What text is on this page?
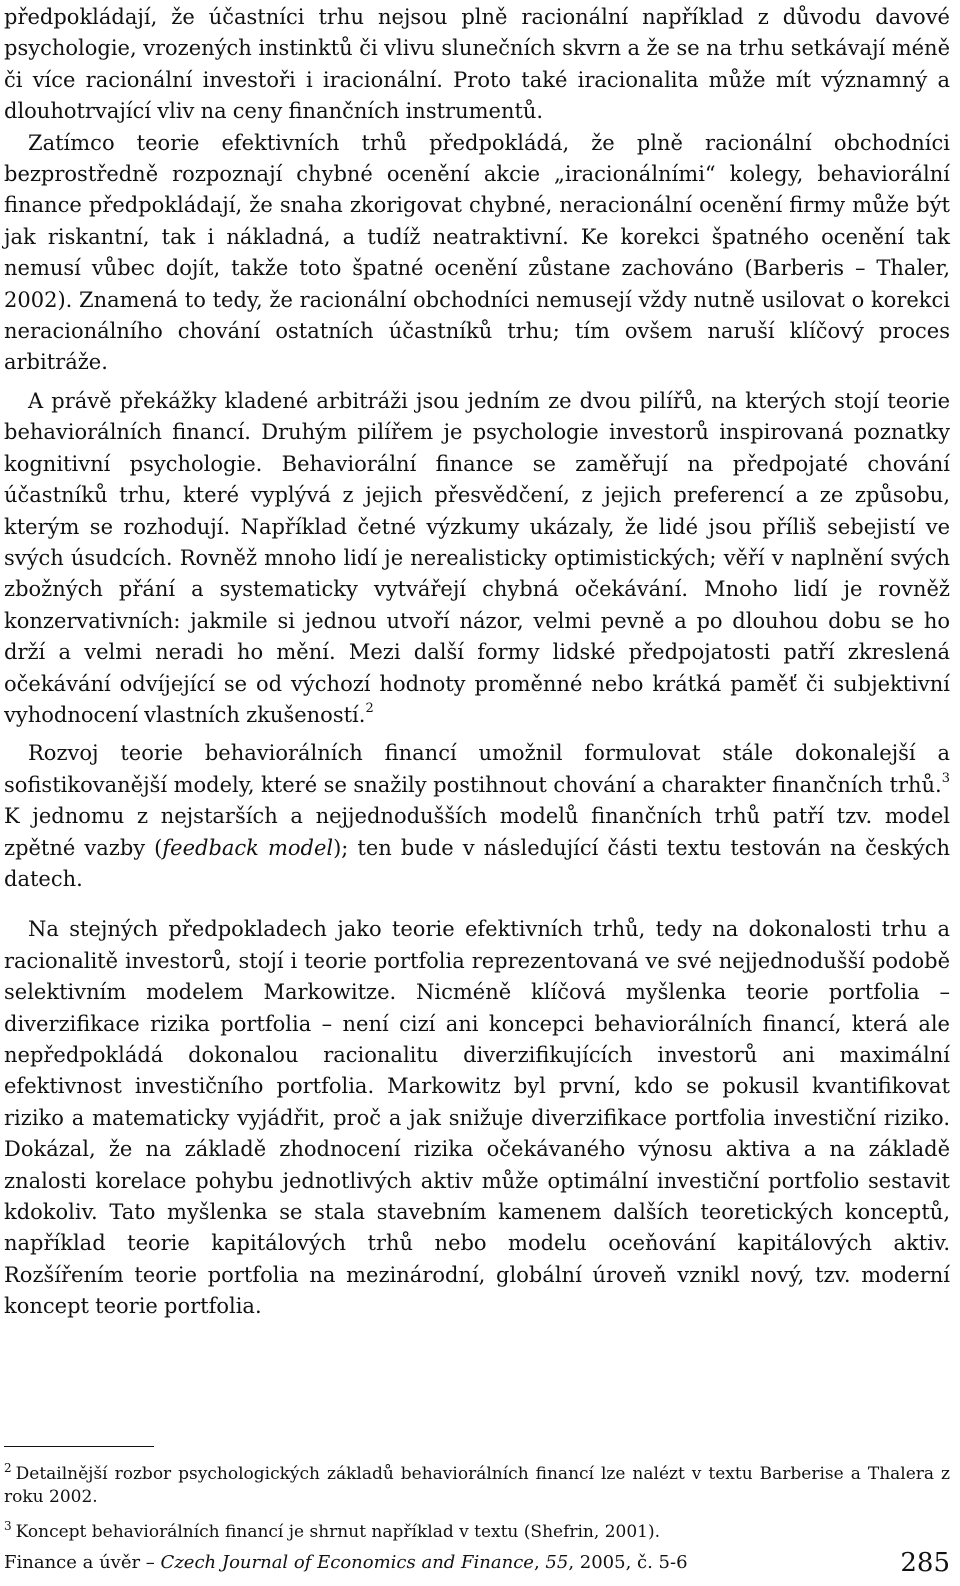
předpokládají, že účastníci trhu nejsou plně racionální například z důvodu davové psychologie, vrozených instinktů či vlivu slunečních skvrn a že se na trhu setkávají méně či více racionální investoři i iracionální. Proto také iracionalita může mít významný a dlouhotrvající vliv na ceny finančních instrumentů.

Zatímco teorie efektivních trhů předpokládá, že plně racionální obchodníci bezprostředně rozpoznají chybné ocenění akcie „iracionálními“ kolegy, behaviorální finance předpokládají, že snaha zkorigovat chybné, neracionální ocenění firmy může být jak riskantní, tak i nákladná, a tudíž neatraktivní. Ke korekci špatného ocenění tak nemusí vůbec dojít, takže toto špatné ocenění zůstane zachováno (Barberis – Thaler, 2002). Znamená to tedy, že racionální obchodníci nemusejí vždy nutně usilovat o korekci neracionálního chování ostatních účastníků trhu; tím ovšem naruší klíčový proces arbitráže.

A právě překážky kladené arbitráži jsou jedním ze dvou pilířů, na kterých stojí teorie behaviorálních financí. Druhým pilířem je psychologie investorů inspirovaná poznatky kognitivní psychologie. Behaviorální finance se zaměřují na předpojaté chování účastníků trhu, které vyplývá z jejich přesvědčení, z jejich preferencí a ze způsobu, kterým se rozhodují. Například četné výzkumy ukázaly, že lidé jsou příliš sebejistí ve svých úsudcích. Rovněž mnoho lidí je nerealisticky optimistických; věří v naplnění svých zbožných přání a systematicky vytvářejí chybná očekávání. Mnoho lidí je rovněž konzervativních: jakmile si jednou utvoří názor, velmi pevně a po dlouhou dobu se ho drží a velmi neradi ho mění. Mezi další formy lidské předpojatosti patří zkreslená očekávání odvíjející se od výchozí hodnoty proměnné nebo krátká paměť či subjektivní vyhodnocení vlastních zkušeností.$^2$

Rozvoj teorie behaviorálních financí umožnil formulovat stále dokonalejší a sofistikovanější modely, které se snažily postihnout chování a charakter finančních trhů.$^3$ K jednomu z nejstarších a nejjednodušších modelů finančních trhů patří tzv. model zpětné vazby (feedback model); ten bude v následující části textu testován na českých datech.

Na stejných předpokladech jako teorie efektivních trhů, tedy na dokonalosti trhu a racionalitě investorů, stojí i teorie portfolia reprezentovaná ve své nejjednodušší podobě selektivním modelem Markowitze. Nicméně klíčová myšlenka teorie portfolia – diverzifikace rizika portfolia – není cizí ani koncepci behaviorálních financí, která ale nepředpokládá dokonalou racionalitu diverzifikujících investorů ani maximální efektivnost investičního portfolia. Markowitz byl první, kdo se pokusil kvantifikovat riziko a matematicky vyjádřit, proč a jak snižuje diverzifikace portfolia investiční riziko. Dokázal, že na základě zhodnocení rizika očekávaného výnosu aktiva a na základě znalosti korelace pohybu jednotlivých aktiv může optimální investiční portfolio sestavit kdokoliv. Tato myšlenka se stala stavebním kamenem dalších teoretických konceptů, například teorie kapitálových trhů nebo modelu oceňování kapitálových aktiv. Rozšířením teorie portfolia na mezinárodní, globální úroveň vznikl nový, tzv. moderní koncept teorie portfolia.

$^2$ Detailnější rozbor psychologických základů behaviorálních financí lze nalézt v textu Barberise a Thalera z roku 2002.

$^3$ Koncept behaviorálních financí je shrnut například v textu (Shefrin, 2001).

Finance a úvěr – Czech Journal of Economics and Finance, 55, 2005, č. 5-6	285
